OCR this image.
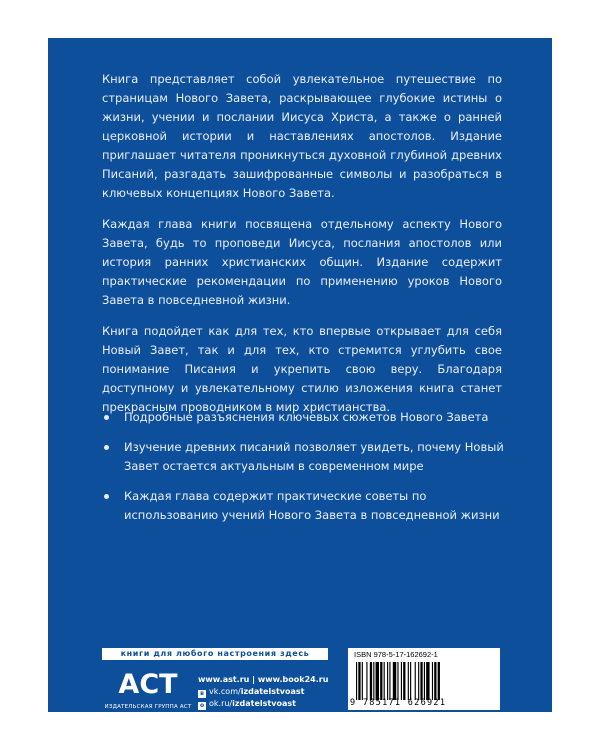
Книга представляет собой увлекательное путешествие по страницам Нового Завета, раскрывающее глубокие истины о жизни, учении и послании Иисуса Христа, а также о ранней церковной истории и наставлениях апостолов. Издание приглашает читателя проникнуться духовной глубиной древних Писаний, разгадать зашифрованные символы и разобраться в ключевых концепциях Нового Завета.

Каждая глава книги посвящена отдельному аспекту Нового Завета, будь то проповеди Иисуса, послания апостолов или история ранних христианских общин. Издание содержит практические рекомендации по применению уроков Нового Завета в повседневной жизни.

Книга подойдет как для тех, кто впервые открывает для себя Новый Завет, так и для тех, кто стремится углубить свое понимание Писания и укрепить свою веру. Благодаря доступному и увлекательному стилю изложения книга станет прекрасным проводником в мир христианства.

Подробные разъяснения ключевых сюжетов Нового Завета
Изучение древних писаний позволяет увидеть, почему Новый Завет остается актуальным в современном мире
Каждая глава содержит практические советы по использованию учений Нового Завета в повседневной жизни
книги для любого настроения здесь
АСТ
ИЗДАТЕЛЬСКАЯ ГРУППА АСТ
www.ast.ru | www.book24.ru
в vk.com/izdatelstvoast
о ok.ru/izdatelstvoast
ISBN 978-5-17-162692-1
9 785171 626921
